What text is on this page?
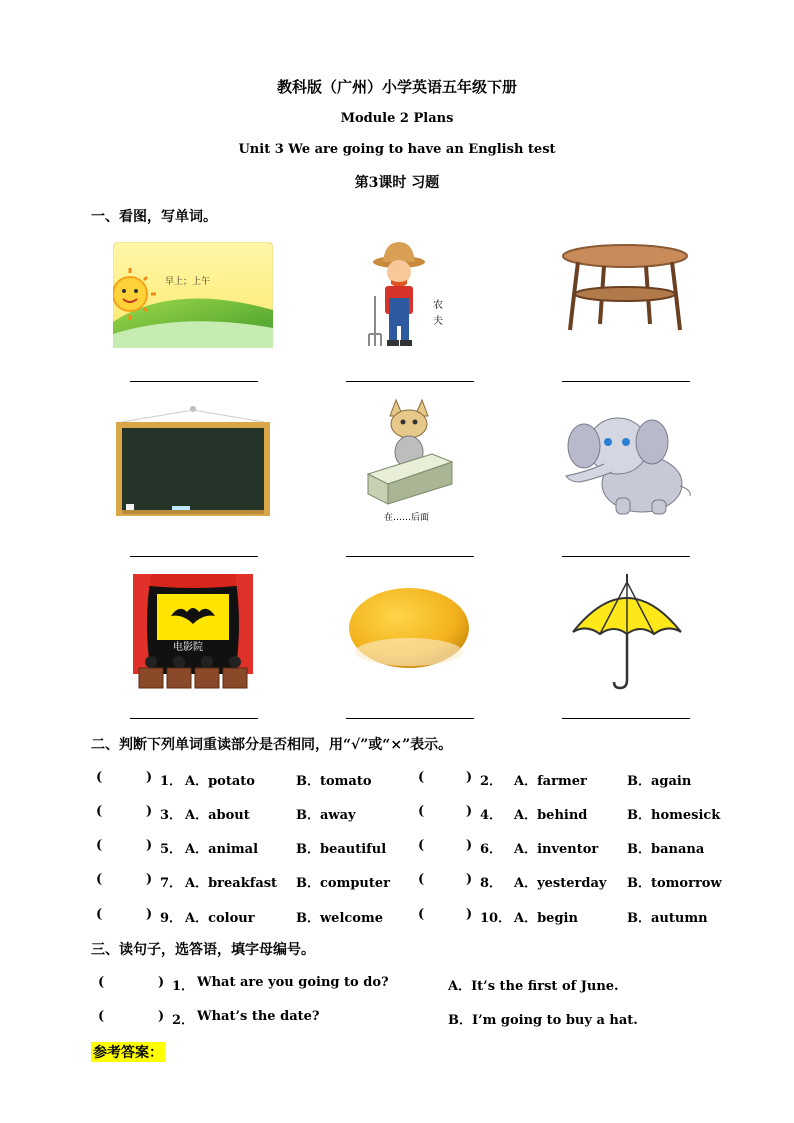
教科版（广州）小学英语五年级下册
Module 2 Plans
Unit 3 We are going to have an English test
第3课时 习题
一、看图，写单词。
早上；上午
农
夫
在……后面
电影院
二、判断下列单词重读部分是否相同，用“√”或“×”表示。
(	) 1． A．potato	B．tomato	(	) 2． A．farmer	B．again
(	) 3． A．about	B．away	(	) 4． A．behind	B．homesick
(	) 5． A．animal	B．beautiful (	) 6． A．inventor B．banana
(	) 7． A．breakfast B．computer (	) 8． A．yesterday B．tomorrow
(	) 9． A．colour	B．welcome	(	) 10． A．begin	B．autumn
三、读句子，选答语，填字母编号。
(	) 1． What are you going to do?	A．It’s the first of June.
(	) 2． What’s the date?	B．I’m going to buy a hat.
参考答案：
